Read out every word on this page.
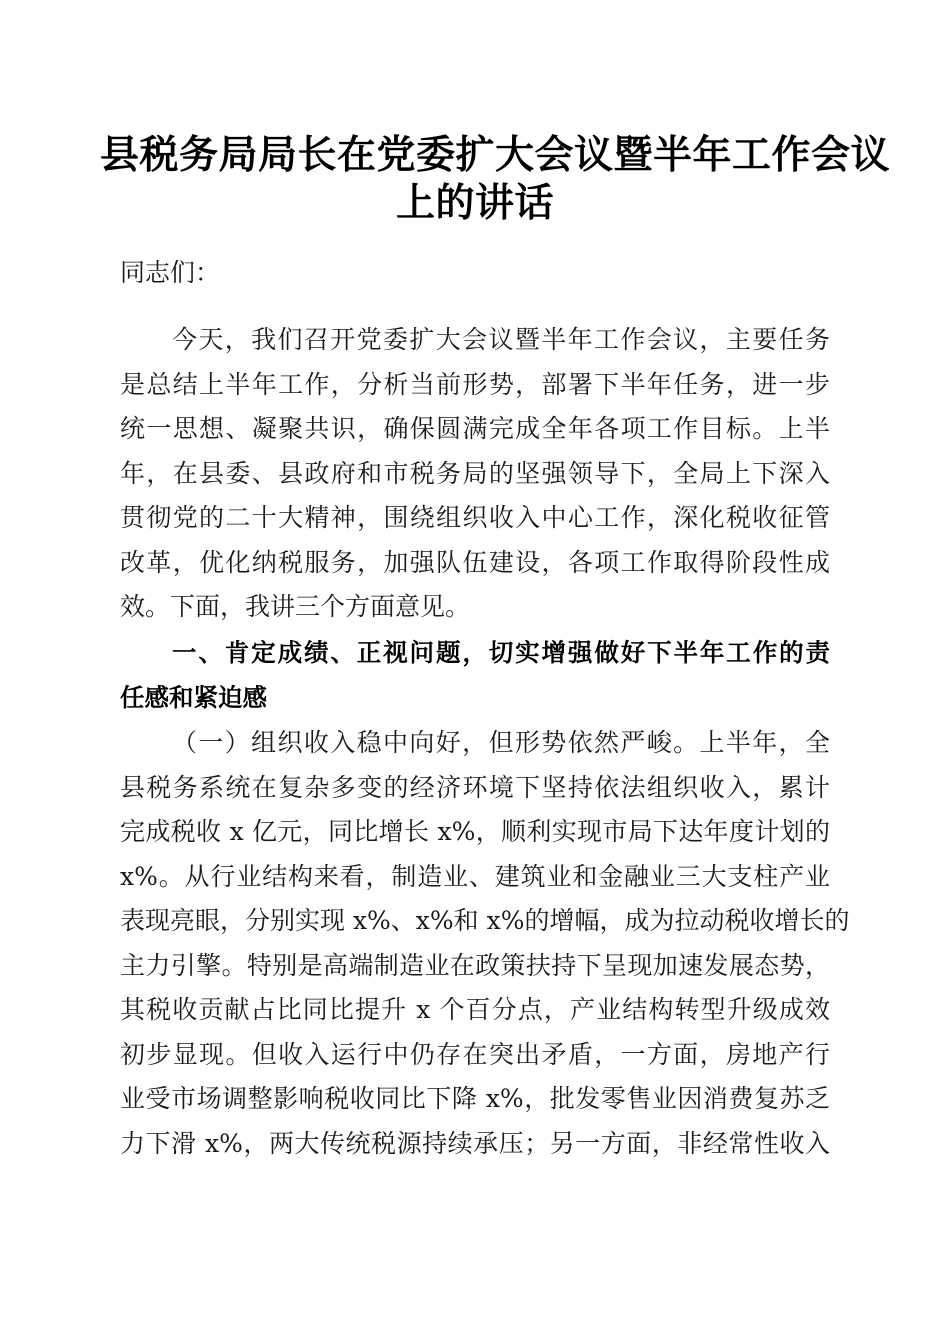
县税务局局长在党委扩大会议暨半年工作会议
上的讲话
同志们：
今天，我们召开党委扩大会议暨半年工作会议，主要任务
是总结上半年工作，分析当前形势，部署下半年任务，进一步
统一思想、凝聚共识，确保圆满完成全年各项工作目标。上半
年，在县委、县政府和市税务局的坚强领导下，全局上下深入
贯彻党的二十大精神，围绕组织收入中心工作，深化税收征管
改革，优化纳税服务，加强队伍建设，各项工作取得阶段性成
效。下面，我讲三个方面意见。
一、肯定成绩、正视问题，切实增强做好下半年工作的责
任感和紧迫感
（一）组织收入稳中向好，但形势依然严峻。上半年，全
县税务系统在复杂多变的经济环境下坚持依法组织收入，累计
完成税收 x 亿元，同比增长 x%，顺利实现市局下达年度计划的
x%。从行业结构来看，制造业、建筑业和金融业三大支柱产业
表现亮眼，分别实现 x%、x%和 x%的增幅，成为拉动税收增长的
主力引擎。特别是高端制造业在政策扶持下呈现加速发展态势，
其税收贡献占比同比提升 x 个百分点，产业结构转型升级成效
初步显现。但收入运行中仍存在突出矛盾，一方面，房地产行
业受市场调整影响税收同比下降 x%，批发零售业因消费复苏乏
力下滑 x%，两大传统税源持续承压；另一方面，非经常性收入
